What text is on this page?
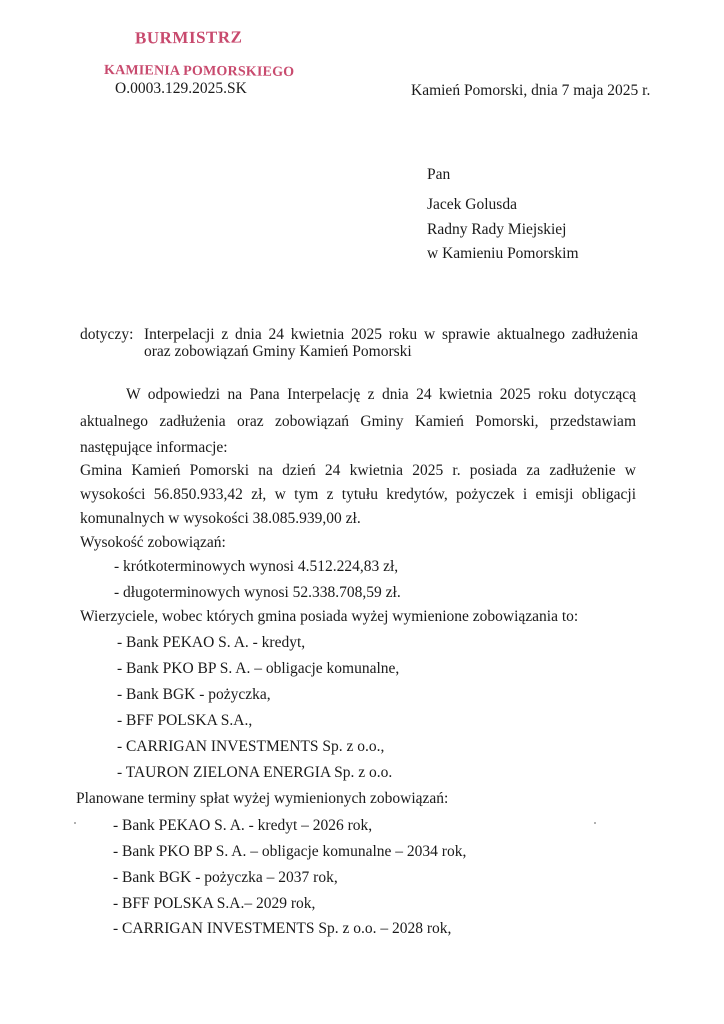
BURMISTRZ
KAMIENIA POMORSKIEGO
O.0003.129.2025.SK	Kamień Pomorski, dnia 7 maja 2025 r.
Pan
Jacek Golusda
Radny Rady Miejskiej
w Kamieniu Pomorskim
dotyczy: Interpelacji z dnia 24 kwietnia 2025 roku w sprawie aktualnego zadłużenia oraz zobowiązań Gminy Kamień Pomorski
W odpowiedzi na Pana Interpelację z dnia 24 kwietnia 2025 roku dotyczącą aktualnego zadłużenia oraz zobowiązań Gminy Kamień Pomorski, przedstawiam następujące informacje:
Gmina Kamień Pomorski na dzień 24 kwietnia 2025 r. posiada za zadłużenie w wysokości 56.850.933,42 zł, w tym z tytułu kredytów, pożyczek i emisji obligacji komunalnych w wysokości 38.085.939,00 zł.
Wysokość zobowiązań:
- krótkoterminowych wynosi 4.512.224,83 zł,
- długoterminowych wynosi 52.338.708,59 zł.
Wierzyciele, wobec których gmina posiada wyżej wymienione zobowiązania to:
- Bank PEKAO S. A. - kredyt,
- Bank PKO BP S. A. – obligacje komunalne,
- Bank BGK - pożyczka,
- BFF POLSKA S.A.,
- CARRIGAN INVESTMENTS Sp. z o.o.,
- TAURON ZIELONA ENERGIA Sp. z o.o.
Planowane terminy spłat wyżej wymienionych zobowiązań:
- Bank PEKAO S. A. - kredyt – 2026 rok,
- Bank PKO BP S. A. – obligacje komunalne – 2034 rok,
- Bank BGK - pożyczka – 2037 rok,
- BFF POLSKA S.A.– 2029 rok,
- CARRIGAN INVESTMENTS Sp. z o.o. – 2028 rok,
